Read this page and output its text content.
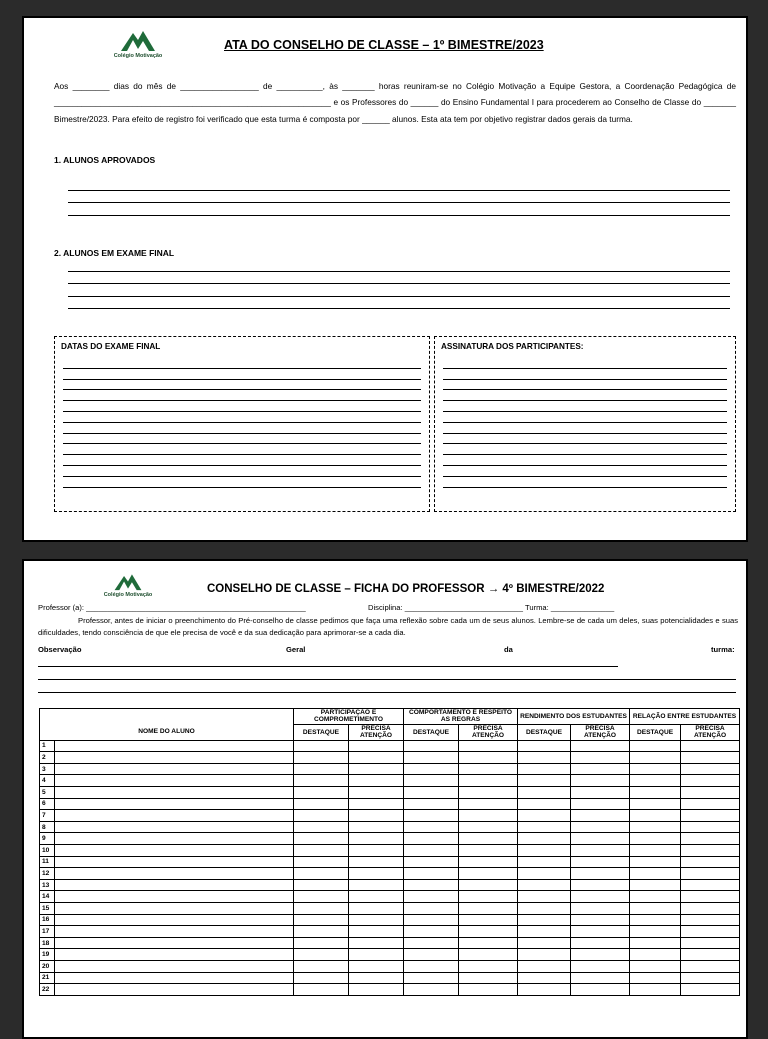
Colégio Motivação
ATA DO CONSELHO DE CLASSE – 1º BIMESTRE/2023
Aos ________ dias do mês de _________________ de __________, às _______ horas reuniram-se no Colégio Motivação a Equipe Gestora, a Coordenação Pedagógica de ____________________________________________________________ e os Professores do ______ do Ensino Fundamental I para procederem ao Conselho de Classe do _______ Bimestre/2023. Para efeito de registro foi verificado que esta turma é composta por ______ alunos. Esta ata tem por objetivo registrar dados gerais da turma.
1. ALUNOS APROVADOS
2. ALUNOS EM EXAME FINAL
DATAS DO EXAME FINAL	ASSINATURA DOS PARTICIPANTES:
Colégio Motivação	CONSELHO DE CLASSE – FICHA DO PROFESSOR → 4º BIMESTRE/2022
Professor (a): ____________________________________________________	Disciplina: ____________________________ Turma: _______________
Professor, antes de iniciar o preenchimento do Pré-conselho de classe pedimos que faça uma reflexão sobre cada um de seus alunos. Lembre-se de cada um deles, suas potencialidades e suas dificuldades, tendo consciência de que ele precisa de você e da sua dedicação para aprimorar-se a cada dia.
Observação	Geral	da	turma:
		PARTICIPAÇÃO E COMPROMETIMENTO		COMPORTAMENTO E RESPEITO AS REGRAS		RENDIMENTO DOS ESTUDANTES		RELAÇÃO ENTRE ESTUDANTES	
NOME DO ALUNO		DESTAQUE	PRECISA ATENÇÃO	DESTAQUE	PRECISA ATENÇÃO	DESTAQUE	PRECISA ATENÇÃO	DESTAQUE	PRECISA ATENÇÃO
1									
2									
3									
4									
5									
6									
7									
8									
9									
10									
11									
12									
13									
14									
15									
16									
17									
18									
19									
20									
21									
22									
